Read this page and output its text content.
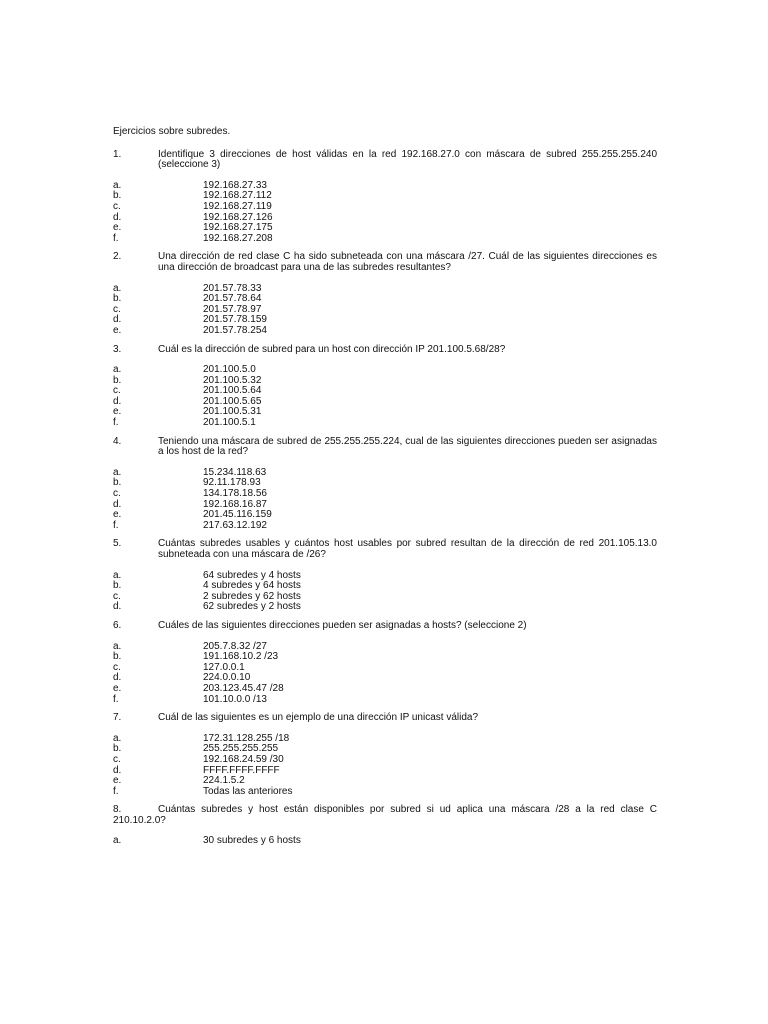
Ejercicios sobre subredes.
1.	Identifique 3 direcciones de host válidas en la red 192.168.27.0 con máscara de subred 255.255.255.240 (seleccione 3)
a.	192.168.27.33
b.	192.168.27.112
c.	192.168.27.119
d.	192.168.27.126
e.	192.168.27.175
f.	192.168.27.208
2.	Una dirección de red clase C ha sido subneteada con una máscara /27. Cuál de las siguientes direcciones es una dirección de broadcast para una de las subredes resultantes?
a.	201.57.78.33
b.	201.57.78.64
c.	201.57.78.97
d.	201.57.78.159
e.	201.57.78.254
3.	Cuál es la dirección de subred para un host con dirección IP 201.100.5.68/28?
a.	201.100.5.0
b.	201.100.5.32
c.	201.100.5.64
d.	201.100.5.65
e.	201.100.5.31
f.	201.100.5.1
4.	Teniendo una máscara de subred de 255.255.255.224, cual de las siguientes direcciones pueden ser asignadas a los host de la red?
a.	15.234.118.63
b.	92.11.178.93
c.	134.178.18.56
d.	192.168.16.87
e.	201.45.116.159
f.	217.63.12.192
5.	Cuántas subredes usables y cuántos host usables por subred resultan de la dirección de red 201.105.13.0 subneteada con una máscara de /26?
a.	64 subredes y 4 hosts
b.	4 subredes y 64 hosts
c.	2 subredes y 62 hosts
d.	62 subredes y 2 hosts
6.	Cuáles de las siguientes direcciones pueden ser asignadas a hosts? (seleccione 2)
a.	205.7.8.32 /27
b.	191.168.10.2 /23
c.	127.0.0.1
d.	224.0.0.10
e.	203.123.45.47 /28
f.	101.10.0.0 /13
7.	Cuál de las siguientes es un ejemplo de una dirección IP unicast válida?
a.	172.31.128.255 /18
b.	255.255.255.255
c.	192.168.24.59 /30
d.	FFFF.FFFF.FFFF
e.	224.1.5.2
f.	Todas las anteriores
8.	Cuántas subredes y host están disponibles por subred si ud aplica una máscara /28 a la red clase C 210.10.2.0?
a.	30 subredes y 6 hosts
